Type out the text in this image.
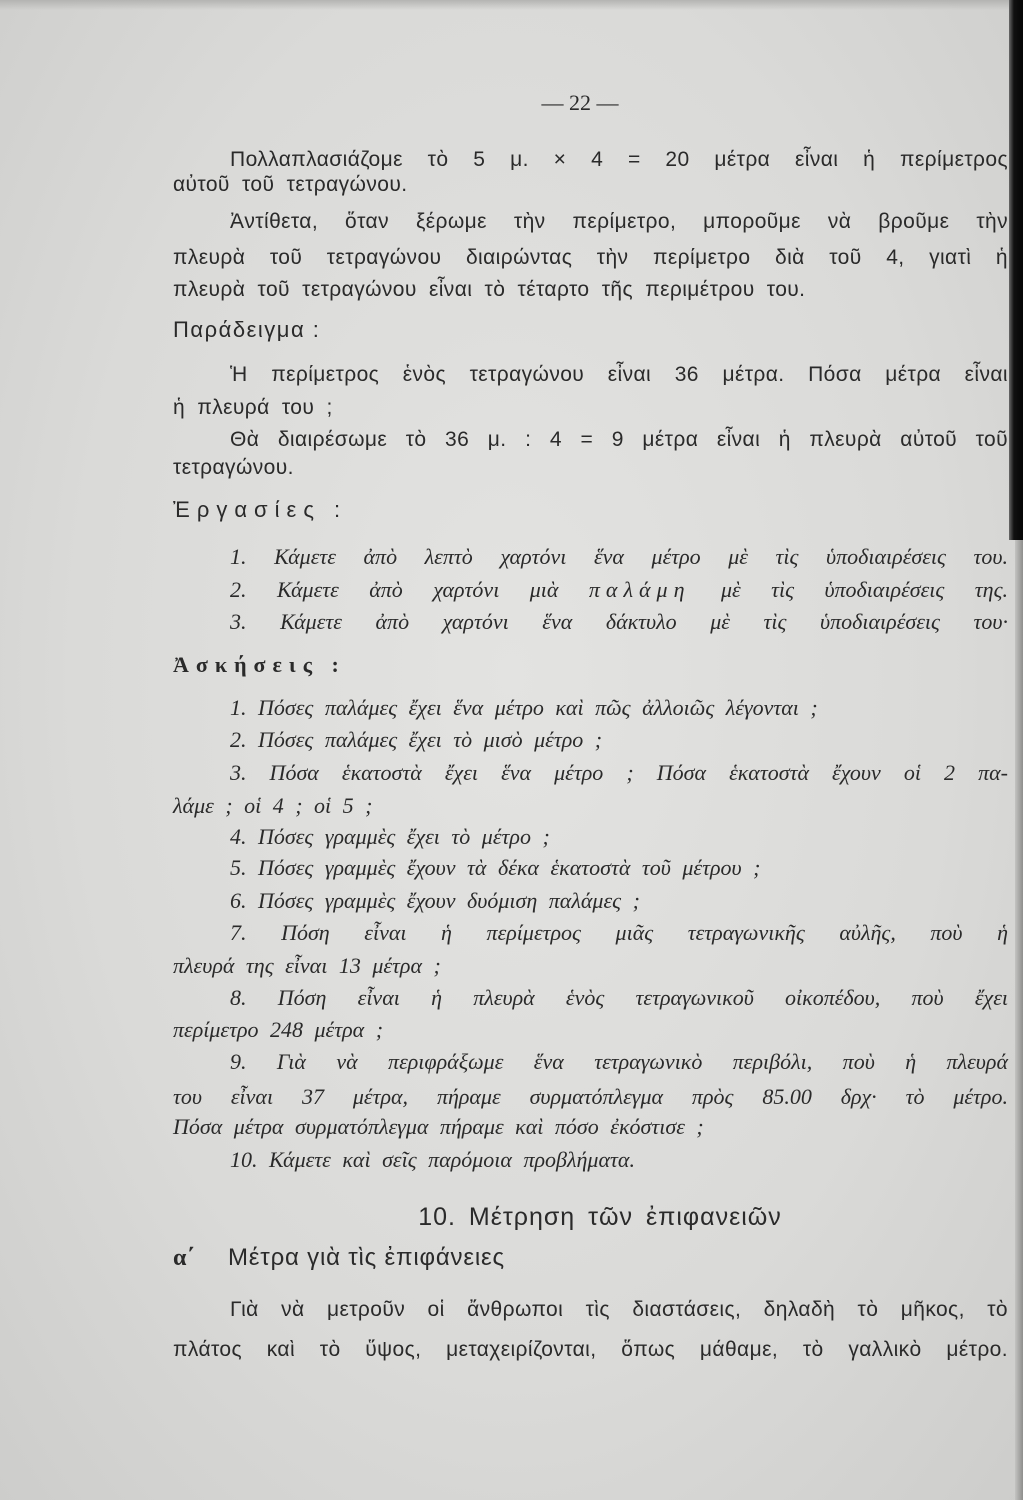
— 22 —

Πολλαπλασιάζομε τὸ 5 μ. × 4 = 20 μέτρα εἶναι ἡ περίμετρος

αὐτοῦ τοῦ τετραγώνου.

Ἀντίθετα, ὅταν ξέρωμε τὴν περίμετρο, μποροῦμε νὰ βροῦμε τὴν

πλευρὰ τοῦ τετραγώνου διαιρώντας τὴν περίμετρο διὰ τοῦ 4, γιατὶ ἡ

πλευρὰ τοῦ τετραγώνου εἶναι τὸ τέταρτο τῆς περιμέτρου του.

Παράδειγμα :

Ἡ περίμετρος ἑνὸς τετραγώνου εἶναι 36 μέτρα. Πόσα μέτρα εἶναι

ἡ πλευρά του ;

Θὰ διαιρέσωμε τὸ 36 μ. : 4 = 9 μέτρα εἶναι ἡ πλευρὰ αὐτοῦ τοῦ

τετραγώνου.

Ἐργασίες :

1. Κάμετε ἀπὸ λεπτὸ χαρτόνι ἕνα μέτρο μὲ τὶς ὑποδιαιρέσεις του.

2. Κάμετε ἀπὸ χαρτόνι μιὰ παλάμη μὲ τὶς ὑποδιαιρέσεις της.

3. Κάμετε ἀπὸ χαρτόνι ἕνα δάκτυλο μὲ τὶς ὑποδιαιρέσεις του·

Ἀσκήσεις :

1. Πόσες παλάμες ἔχει ἕνα μέτρο καὶ πῶς ἀλλοιῶς λέγονται ;

2. Πόσες παλάμες ἔχει τὸ μισὸ μέτρο ;

3. Πόσα ἑκατοστὰ ἔχει ἕνα μέτρο ; Πόσα ἑκατοστὰ ἔχουν οἱ 2 πα-

λάμε ; οἱ 4 ; οἱ 5 ;

4. Πόσες γραμμὲς ἔχει τὸ μέτρο ;

5. Πόσες γραμμὲς ἔχουν τὰ δέκα ἑκατοστὰ τοῦ μέτρου ;

6. Πόσες γραμμὲς ἔχουν δυόμιση παλάμες ;

7. Πόση εἶναι ἡ περίμετρος μιᾶς τετραγωνικῆς αὐλῆς, ποὺ ἡ

πλευρά της εἶναι 13 μέτρα ;

8. Πόση εἶναι ἡ πλευρὰ ἑνὸς τετραγωνικοῦ οἰκοπέδου, ποὺ ἔχει

περίμετρο 248 μέτρα ;

9. Γιὰ νὰ περιφράξωμε ἕνα τετραγωνικὸ περιβόλι, ποὺ ἡ πλευρά

του εἶναι 37 μέτρα, πήραμε συρματόπλεγμα πρὸς 85.00 δρχ· τὸ μέτρο.

Πόσα μέτρα συρματόπλεγμα πήραμε καὶ πόσο ἐκόστισε ;

10. Κάμετε καὶ σεῖς παρόμοια προβλήματα.

10. Μέτρηση τῶν ἐπιφανειῶν
α΄ Μέτρα γιὰ τὶς ἐπιφάνειες

Γιὰ νὰ μετροῦν οἱ ἄνθρωποι τὶς διαστάσεις, δηλαδὴ τὸ μῆκος, τὸ

πλάτος καὶ τὸ ὕψος, μεταχειρίζονται, ὅπως μάθαμε, τὸ γαλλικὸ μέτρο.
